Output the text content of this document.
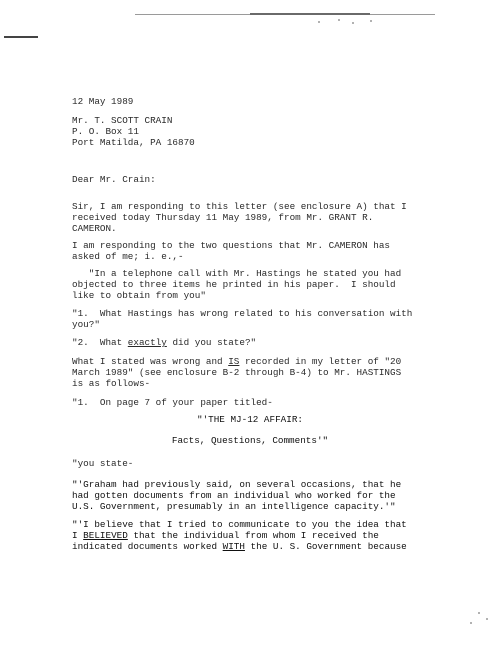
12 May 1989
Mr. T. SCOTT CRAIN
P. O. Box 11
Port Matilda, PA 16870
Dear Mr. Crain:
Sir, I am responding to this letter (see enclosure A) that I
received today Thursday 11 May 1989, from Mr. GRANT R.
CAMERON.
I am responding to the two questions that Mr. CAMERON has
asked of me; i. e.,-
"In a telephone call with Mr. Hastings he stated you had
objected to three items he printed in his paper.  I should
like to obtain from you"
"1.  What Hastings has wrong related to his conversation with
you?"
"2.  What exactly did you state?"
What I stated was wrong and IS recorded in my letter of "20
March 1989" (see enclosure B-2 through B-4) to Mr. HASTINGS
is as follows-
"1.  On page 7 of your paper titled-
"'THE MJ-12 AFFAIR:
Facts, Questions, Comments'"
"you state-
"'Graham had previously said, on several occasions, that he
had gotten documents from an individual who worked for the
U.S. Government, presumably in an intelligence capacity.'"
"'I believe that I tried to communicate to you the idea that
I BELIEVED that the individual from whom I received the
indicated documents worked WITH the U. S. Government because
